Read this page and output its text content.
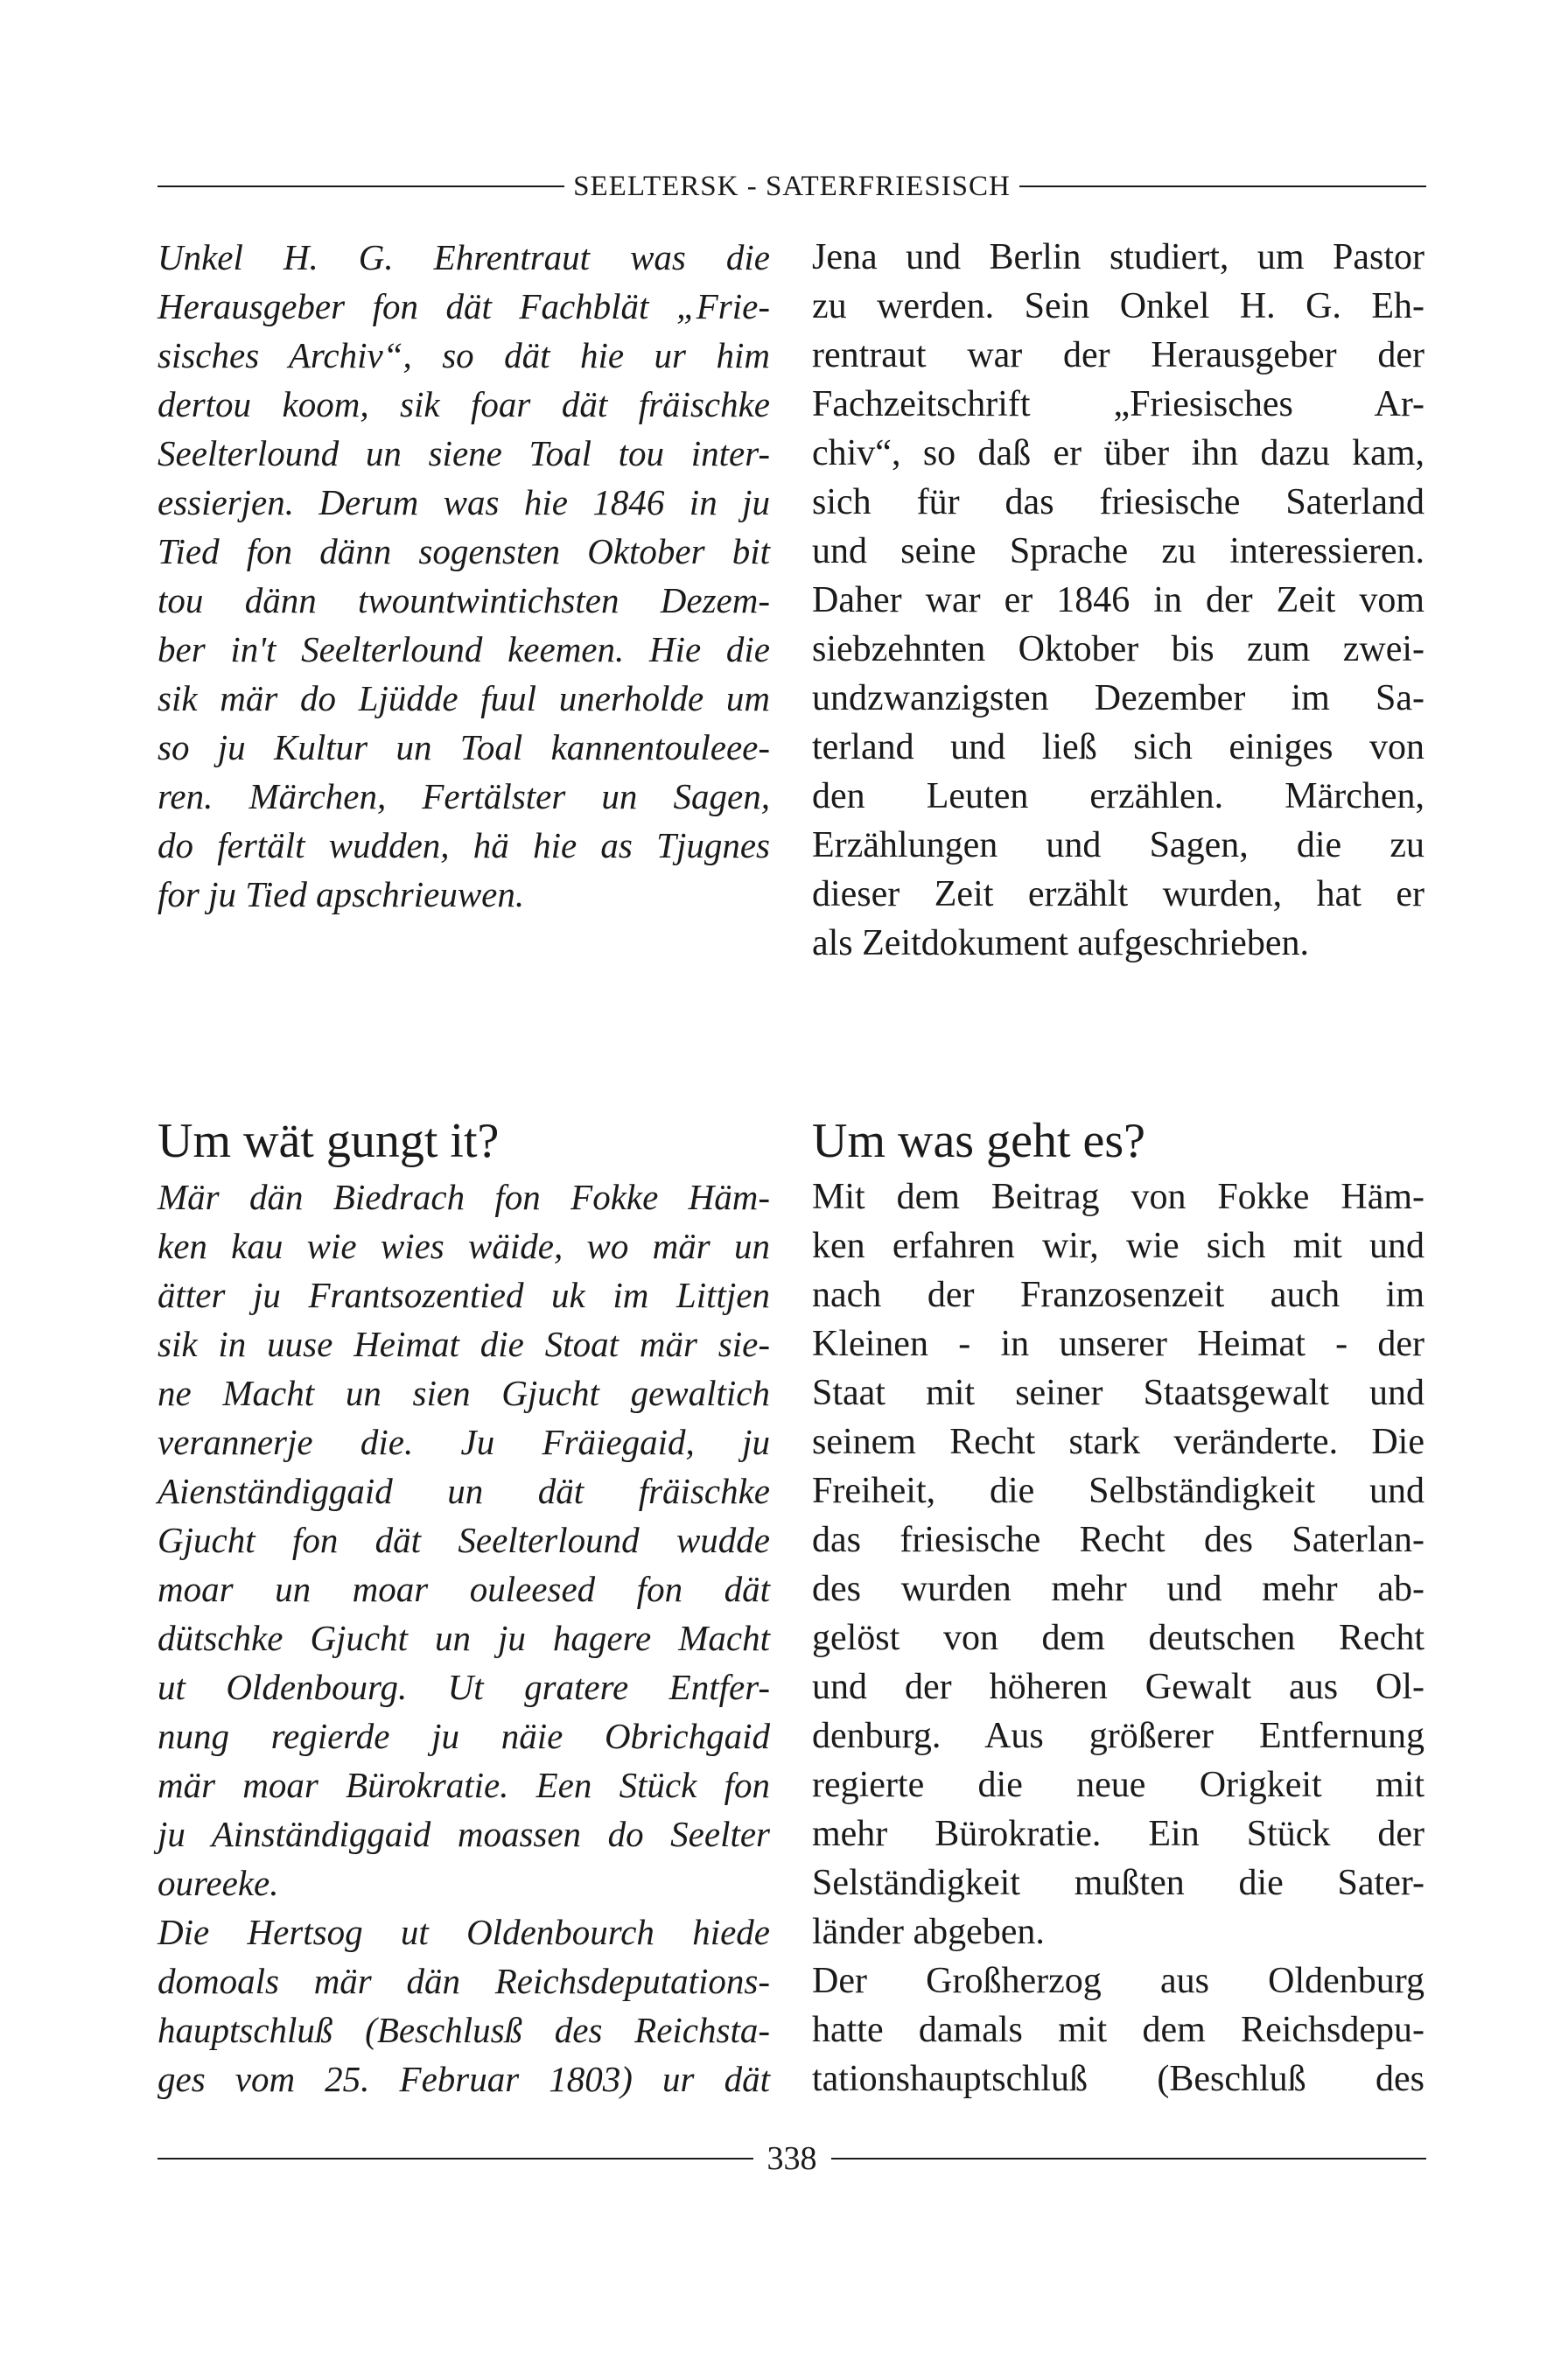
SEELTERSK - SATERFRIESISCH
Unkel H. G. Ehrentraut was die
Herausgeber fon dät Fachblät „Frie-
sisches Archiv“, so dät hie ur him
dertou koom, sik foar dät fräischke
Seelterlound un siene Toal tou inter-
essierjen. Derum was hie 1846 in ju
Tied fon dänn sogensten Oktober bit
tou dänn twountwintichsten Dezem-
ber in't Seelterlound keemen. Hie die
sik mär do Ljüdde fuul unerholde um
so ju Kultur un Toal kannentouleee-
ren. Märchen, Fertälster un Sagen,
do fertält wudden, hä hie as Tjugnes
for ju Tied apschrieuwen.
Jena und Berlin studiert, um Pastor
zu werden. Sein Onkel H. G. Eh-
rentraut war der Herausgeber der
Fachzeitschrift „Friesisches Ar-
chiv“, so daß er über ihn dazu kam,
sich für das friesische Saterland
und seine Sprache zu interessieren.
Daher war er 1846 in der Zeit vom
siebzehnten Oktober bis zum zwei-
undzwanzigsten Dezember im Sa-
terland und ließ sich einiges von
den Leuten erzählen. Märchen,
Erzählungen und Sagen, die zu
dieser Zeit erzählt wurden, hat er
als Zeitdokument aufgeschrieben.
Um wät gungt it?
Mär dän Biedrach fon Fokke Häm-
ken kau wie wies wäide, wo mär un
ätter ju Frantsozentied uk im Littjen
sik in uuse Heimat die Stoat mär sie-
ne Macht un sien Gjucht gewaltich
verannerje die. Ju Fräiegaid, ju
Aienständiggaid un dät fräischke
Gjucht fon dät Seelterlound wudde
moar un moar ouleesed fon dät
dütschke Gjucht un ju hagere Macht
ut Oldenbourg. Ut gratere Entfer-
nung regierde ju näie Obrichgaid
mär moar Bürokratie. Een Stück fon
ju Ainständiggaid moassen do Seelter
oureeke.
Die Hertsog ut Oldenbourch hiede
domoals mär dän Reichsdeputations-
hauptschluß (Beschlusß des Reichsta-
ges vom 25. Februar 1803) ur dät
Um was geht es?
Mit dem Beitrag von Fokke Häm-
ken erfahren wir, wie sich mit und
nach der Franzosenzeit auch im
Kleinen - in unserer Heimat - der
Staat mit seiner Staatsgewalt und
seinem Recht stark veränderte. Die
Freiheit, die Selbständigkeit und
das friesische Recht des Saterlan-
des wurden mehr und mehr ab-
gelöst von dem deutschen Recht
und der höheren Gewalt aus Ol-
denburg. Aus größerer Entfernung
regierte die neue Origkeit mit
mehr Bürokratie. Ein Stück der
Selständigkeit mußten die Sater-
länder abgeben.
Der Großherzog aus Oldenburg
hatte damals mit dem Reichsdepu-
tationshauptschluß (Beschluß des
338
